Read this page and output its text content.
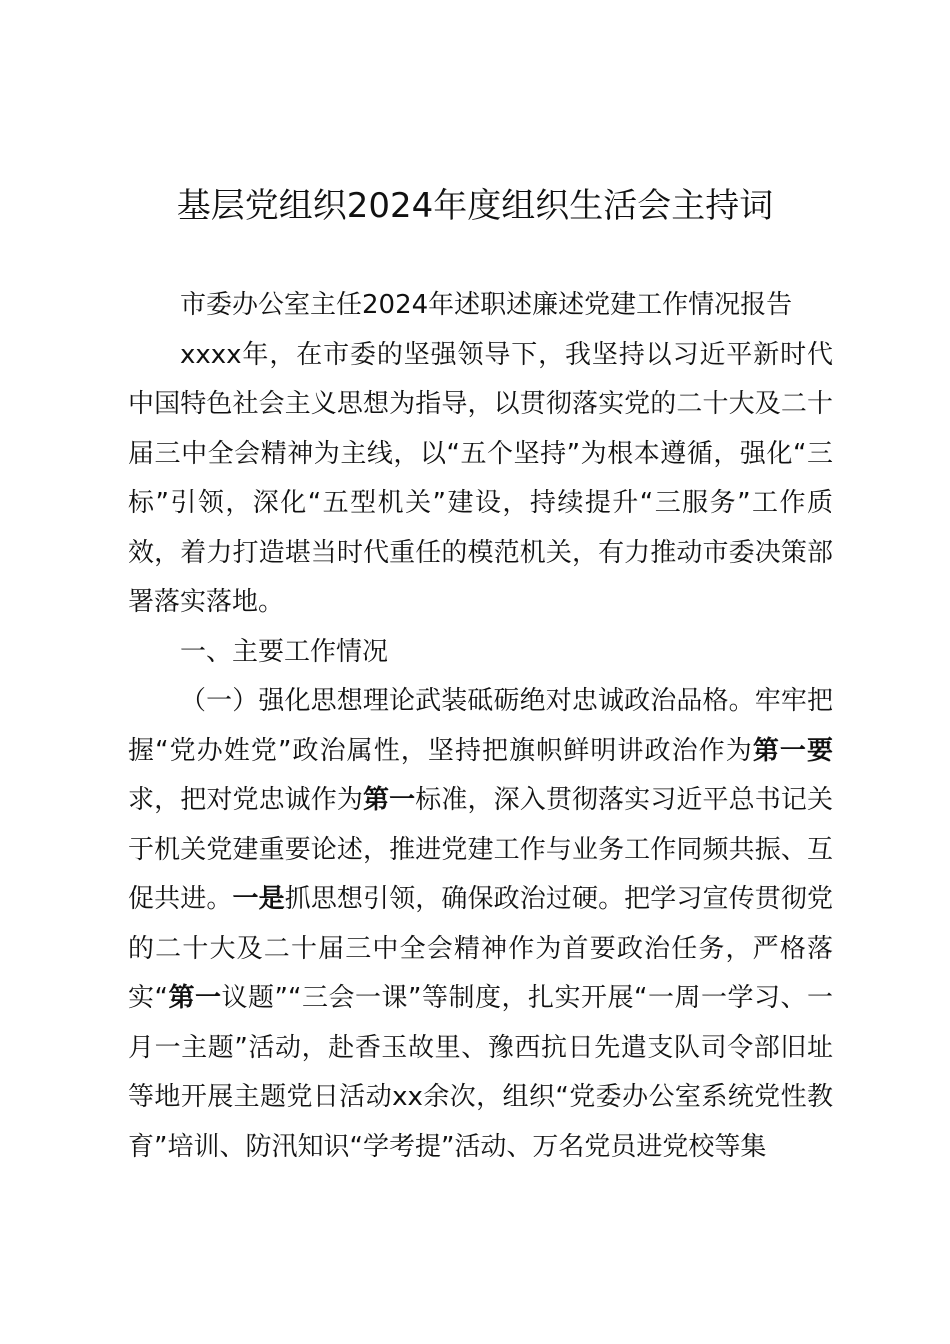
基层党组织2024年度组织生活会主持词

市委办公室主任2024年述职述廉述党建工作情况报告

xxxx年，在市委的坚强领导下，我坚持以习近平新时代中国特色社会主义思想为指导，以贯彻落实党的二十大及二十届三中全会精神为主线，以“五个坚持”为根本遵循，强化“三标”引领，深化“五型机关”建设，持续提升“三服务”工作质效，着力打造堪当时代重任的模范机关，有力推动市委决策部署落实落地。

一、主要工作情况

（一）强化思想理论武装砥砺绝对忠诚政治品格。牢牢把握“党办姓党”政治属性，坚持把旗帜鲜明讲政治作为第一要求，把对党忠诚作为第一标准，深入贯彻落实习近平总书记关于机关党建重要论述，推进党建工作与业务工作同频共振、互促共进。一是抓思想引领，确保政治过硬。把学习宣传贯彻党的二十大及二十届三中全会精神作为首要政治任务，严格落实“第一议题”“三会一课”等制度，扎实开展“一周一学习、一月一主题”活动，赴香玉故里、豫西抗日先遣支队司令部旧址等地开展主题党日活动xx余次，组织“党委办公室系统党性教育”培训、防汛知识“学考提”活动、万名党员进党校等集
